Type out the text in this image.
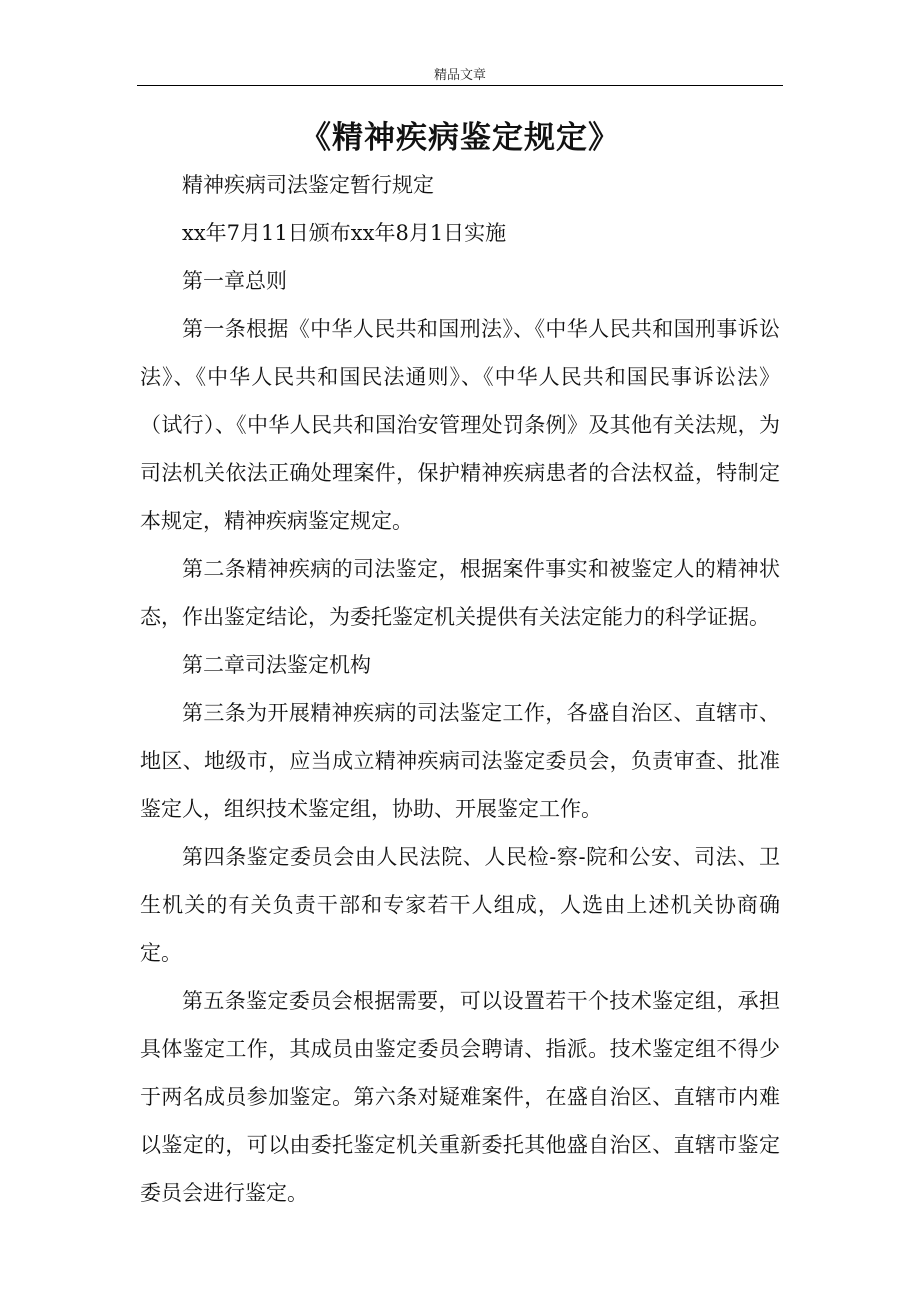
精品文章
《精神疾病鉴定规定》

精神疾病司法鉴定暂行规定

xx年7月11日颁布xx年8月1日实施

第一章总则

第一条根据《中华人民共和国刑法》、《中华人民共和国刑事诉讼法》、《中华人民共和国民法通则》、《中华人民共和国民事诉讼法》（试行）、《中华人民共和国治安管理处罚条例》及其他有关法规，为司法机关依法正确处理案件，保护精神疾病患者的合法权益，特制定本规定，精神疾病鉴定规定。

第二条精神疾病的司法鉴定，根据案件事实和被鉴定人的精神状态，作出鉴定结论，为委托鉴定机关提供有关法定能力的科学证据。

第二章司法鉴定机构

第三条为开展精神疾病的司法鉴定工作，各盛自治区、直辖市、地区、地级市，应当成立精神疾病司法鉴定委员会，负责审查、批准鉴定人，组织技术鉴定组，协助、开展鉴定工作。

第四条鉴定委员会由人民法院、人民检-察-院和公安、司法、卫生机关的有关负责干部和专家若干人组成，人选由上述机关协商确定。

第五条鉴定委员会根据需要，可以设置若干个技术鉴定组，承担具体鉴定工作，其成员由鉴定委员会聘请、指派。技术鉴定组不得少于两名成员参加鉴定。第六条对疑难案件，在盛自治区、直辖市内难以鉴定的，可以由委托鉴定机关重新委托其他盛自治区、直辖市鉴定委员会进行鉴定。
